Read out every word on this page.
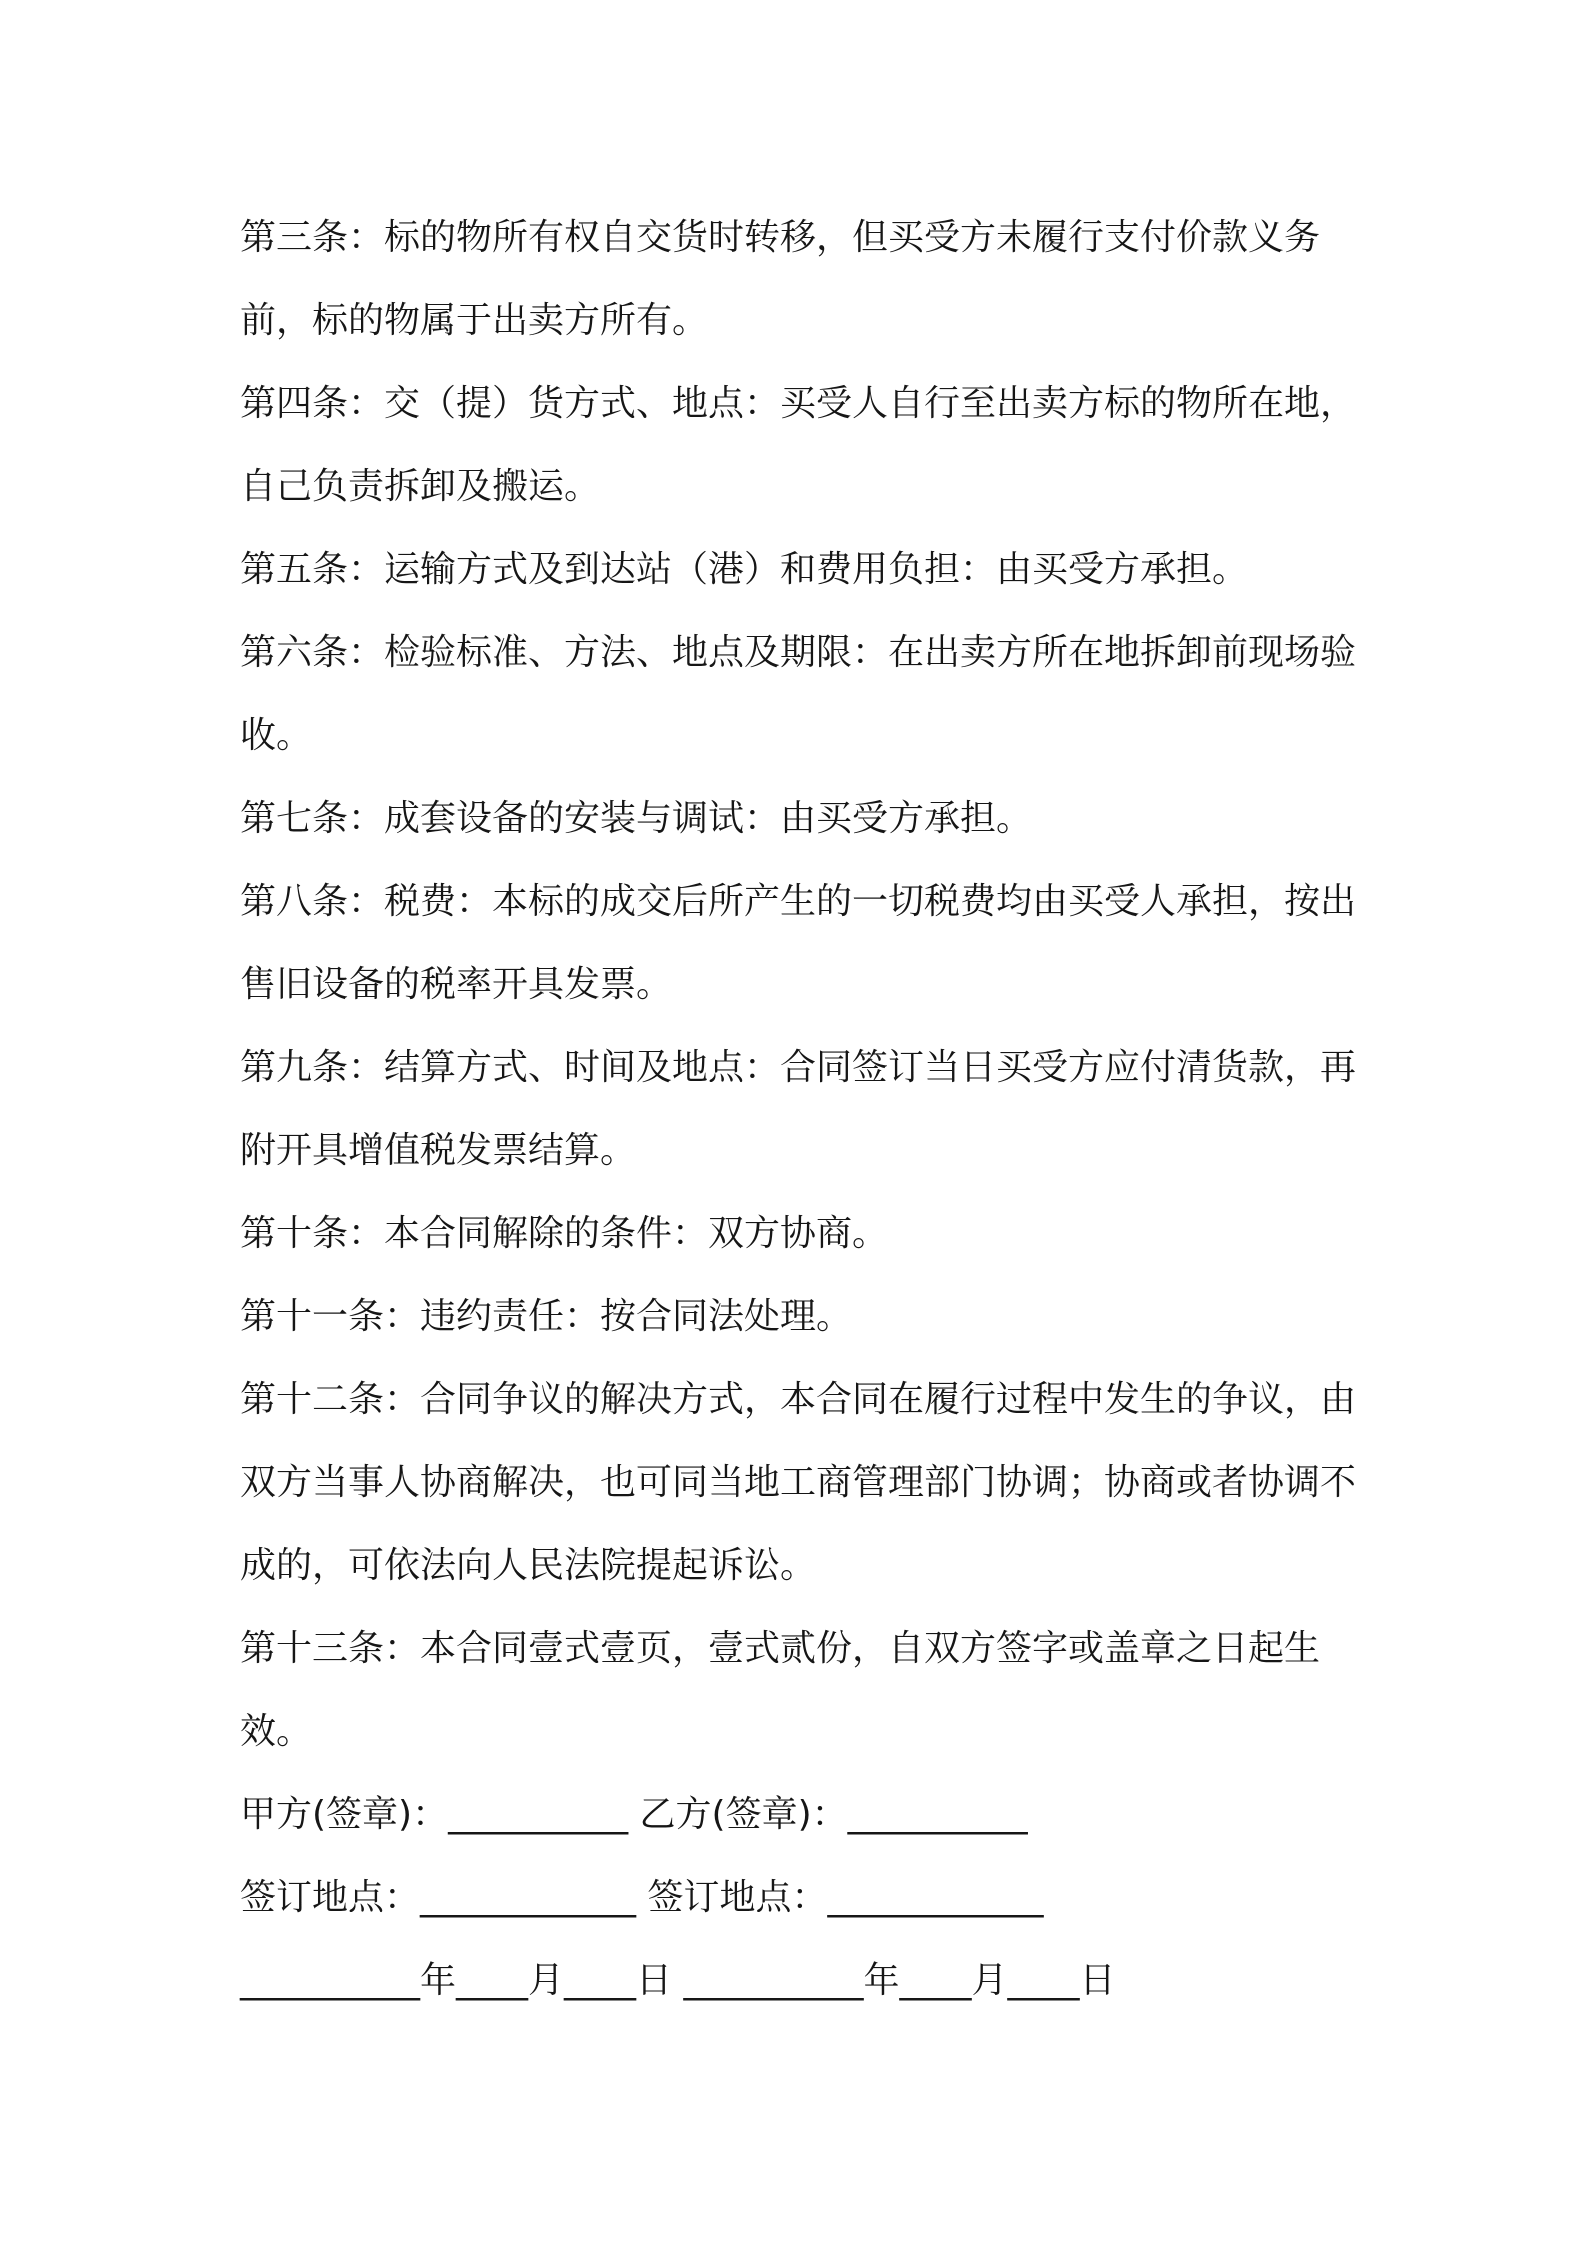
第三条：标的物所有权自交货时转移，但买受方未履行支付价款义务前，标的物属于出卖方所有。

第四条：交（提）货方式、地点：买受人自行至出卖方标的物所在地，自己负责拆卸及搬运。

第五条：运输方式及到达站（港）和费用负担：由买受方承担。

第六条：检验标准、方法、地点及期限：在出卖方所在地拆卸前现场验收。

第七条：成套设备的安装与调试：由买受方承担。

第八条：税费：本标的成交后所产生的一切税费均由买受人承担，按出售旧设备的税率开具发票。

第九条：结算方式、时间及地点：合同签订当日买受方应付清货款，再附开具增值税发票结算。

第十条：本合同解除的条件：双方协商。

第十一条：违约责任：按合同法处理。

第十二条：合同争议的解决方式，本合同在履行过程中发生的争议，由双方当事人协商解决，也可同当地工商管理部门协调；协商或者协调不成的，可依法向人民法院提起诉讼。

第十三条：本合同壹式壹页，壹式贰份，自双方签字或盖章之日起生效。

甲方(签章)：__________ 乙方(签章)：__________

签订地点：____________ 签订地点：____________

__________年____月____日 __________年____月____日
